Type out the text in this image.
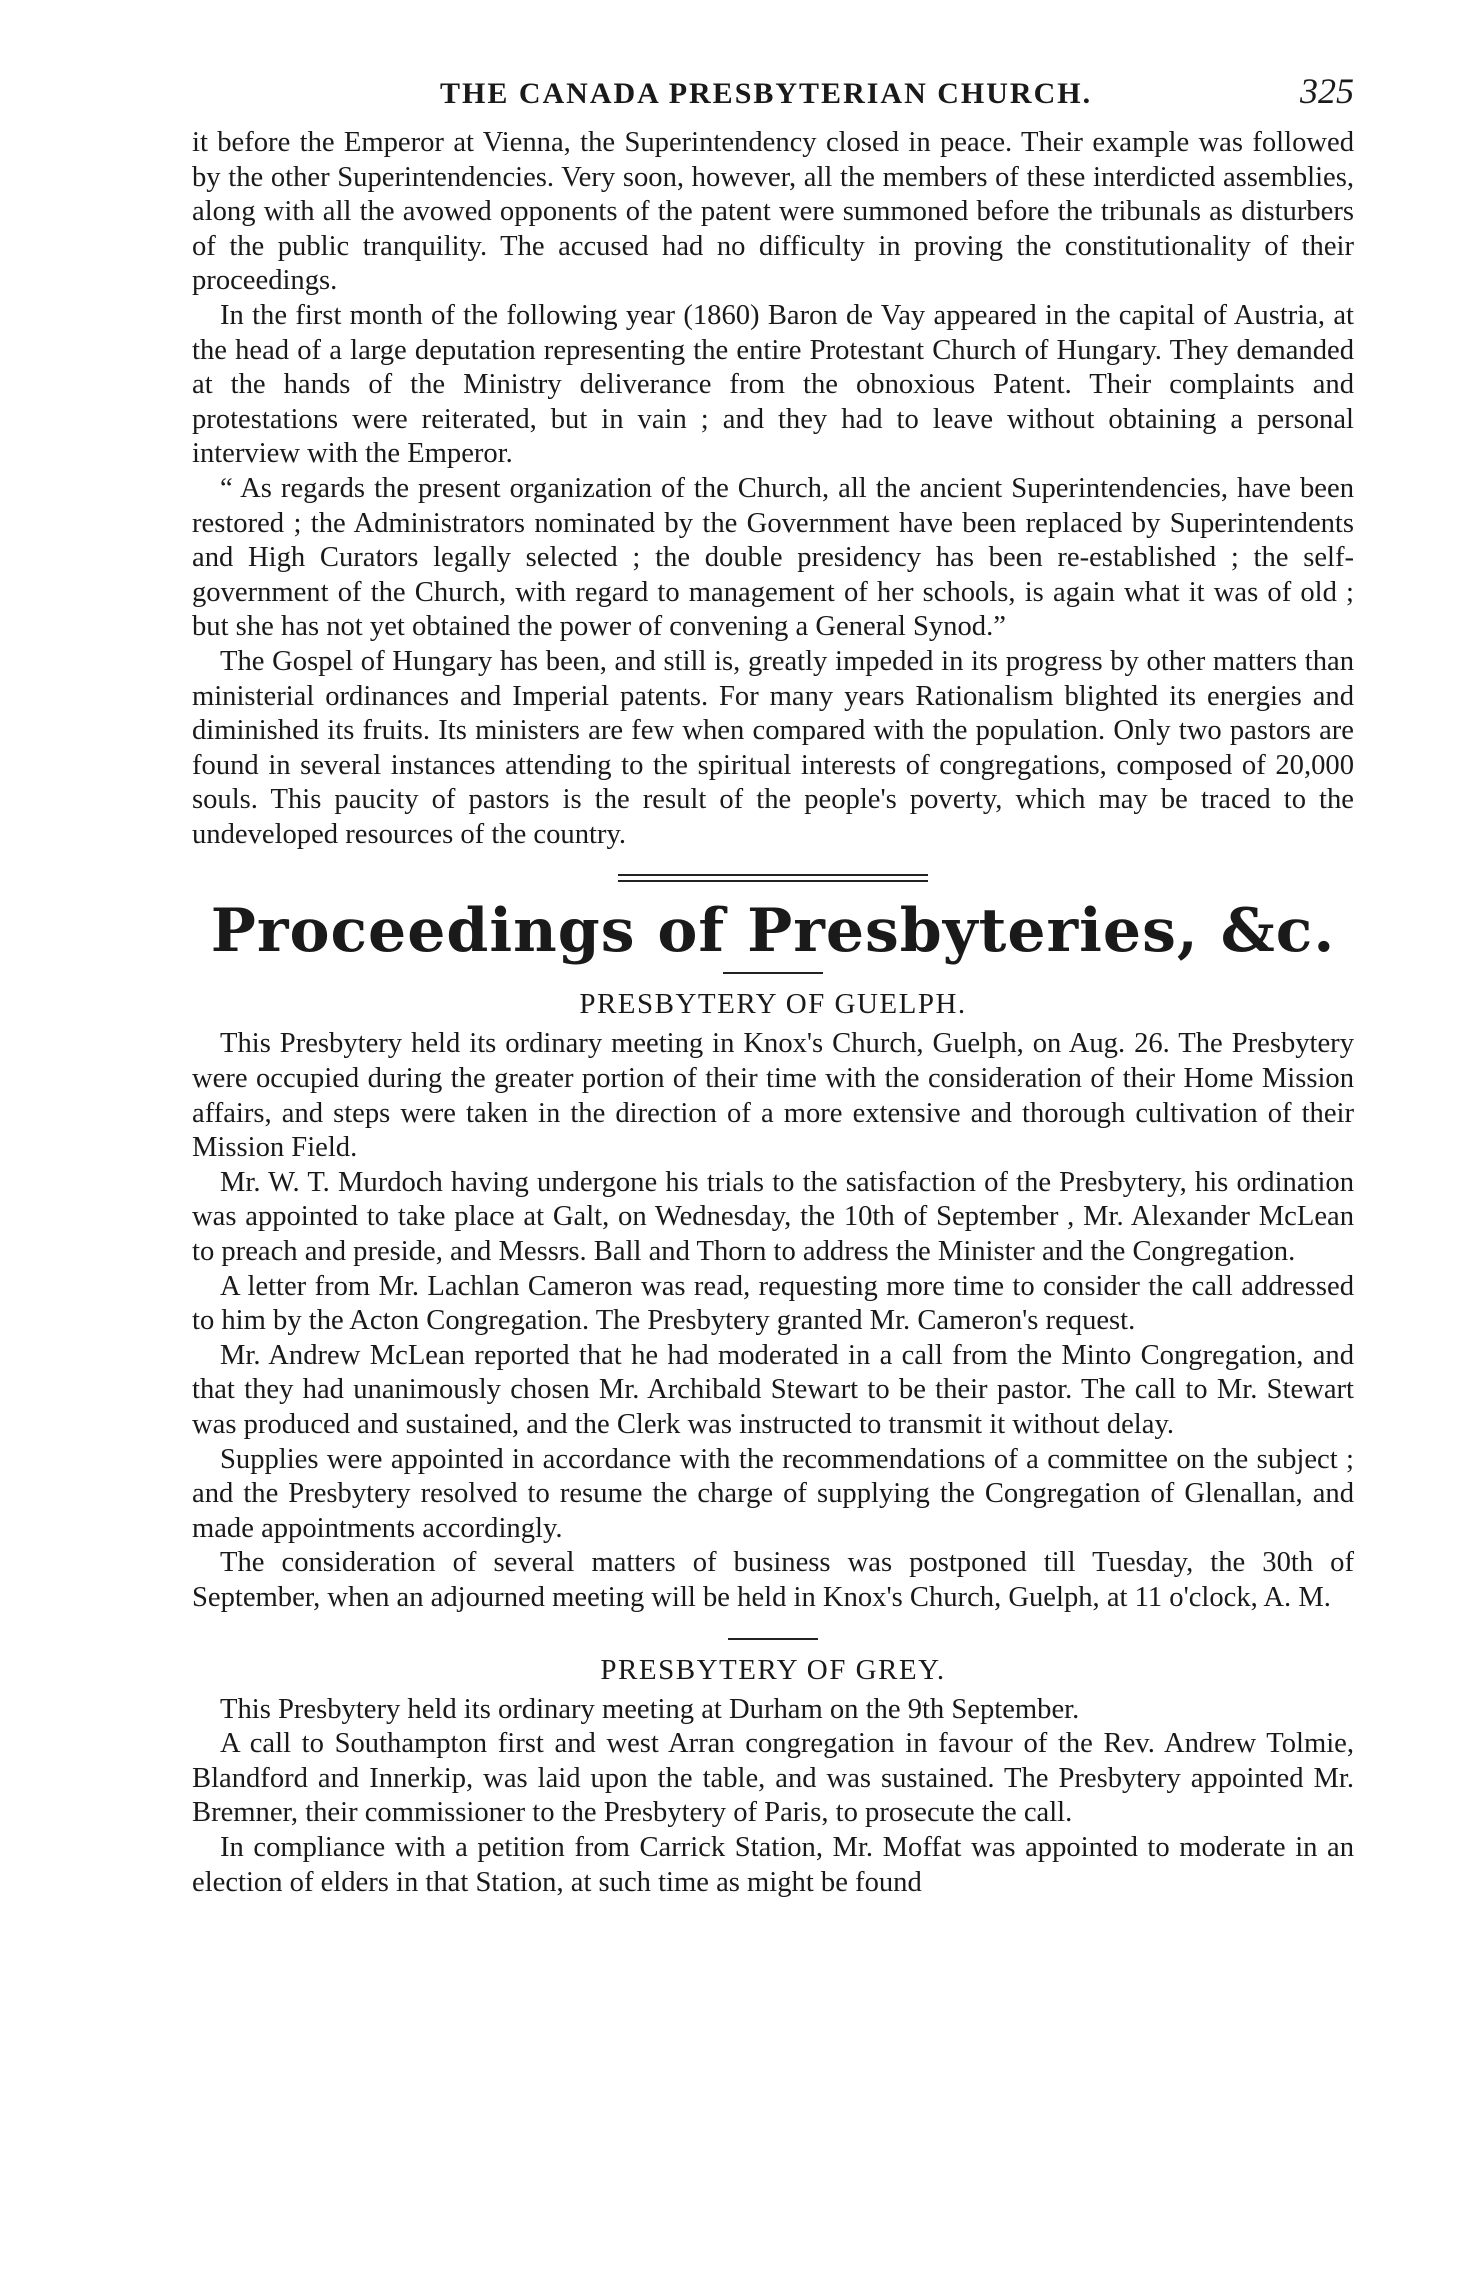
THE CANADA PRESBYTERIAN CHURCH.	325

it before the Emperor at Vienna, the Superintendency closed in peace. Their example was followed by the other Superintendencies. Very soon, however, all the members of these interdicted assemblies, along with all the avowed opponents of the patent were summoned before the tribunals as disturbers of the public tranquility. The accused had no difficulty in proving the constitutionality of their proceedings.

In the first month of the following year (1860) Baron de Vay appeared in the capital of Austria, at the head of a large deputation representing the entire Protestant Church of Hungary. They demanded at the hands of the Ministry deliverance from the obnoxious Patent. Their complaints and protestations were reiterated, but in vain ; and they had to leave without obtaining a personal interview with the Emperor.

“ As regards the present organization of the Church, all the ancient Superintendencies, have been restored ; the Administrators nominated by the Government have been replaced by Superintendents and High Curators legally selected ; the double presidency has been re-established ; the self-government of the Church, with regard to management of her schools, is again what it was of old ; but she has not yet obtained the power of convening a General Synod.”

The Gospel of Hungary has been, and still is, greatly impeded in its progress by other matters than ministerial ordinances and Imperial patents. For many years Rationalism blighted its energies and diminished its fruits. Its ministers are few when compared with the population. Only two pastors are found in several instances attending to the spiritual interests of congregations, composed of 20,000 souls. This paucity of pastors is the result of the people's poverty, which may be traced to the undeveloped resources of the country.

Proceedings of Presbyteries, &c.
PRESBYTERY OF GUELPH.

This Presbytery held its ordinary meeting in Knox's Church, Guelph, on Aug. 26. The Presbytery were occupied during the greater portion of their time with the consideration of their Home Mission affairs, and steps were taken in the direction of a more extensive and thorough cultivation of their Mission Field.

Mr. W. T. Murdoch having undergone his trials to the satisfaction of the Presbytery, his ordination was appointed to take place at Galt, on Wednesday, the 10th of September , Mr. Alexander McLean to preach and preside, and Messrs. Ball and Thorn to address the Minister and the Congregation.

A letter from Mr. Lachlan Cameron was read, requesting more time to consider the call addressed to him by the Acton Congregation. The Presbytery granted Mr. Cameron's request.

Mr. Andrew McLean reported that he had moderated in a call from the Minto Congregation, and that they had unanimously chosen Mr. Archibald Stewart to be their pastor. The call to Mr. Stewart was produced and sustained, and the Clerk was instructed to transmit it without delay.

Supplies were appointed in accordance with the recommendations of a committee on the subject ; and the Presbytery resolved to resume the charge of supplying the Congregation of Glenallan, and made appointments accordingly.

The consideration of several matters of business was postponed till Tuesday, the 30th of September, when an adjourned meeting will be held in Knox's Church, Guelph, at 11 o'clock, A. M.

PRESBYTERY OF GREY.

This Presbytery held its ordinary meeting at Durham on the 9th September.

A call to Southampton first and west Arran congregation in favour of the Rev. Andrew Tolmie, Blandford and Innerkip, was laid upon the table, and was sustained. The Presbytery appointed Mr. Bremner, their commissioner to the Presbytery of Paris, to prosecute the call.

In compliance with a petition from Carrick Station, Mr. Moffat was appointed to moderate in an election of elders in that Station, at such time as might be found
